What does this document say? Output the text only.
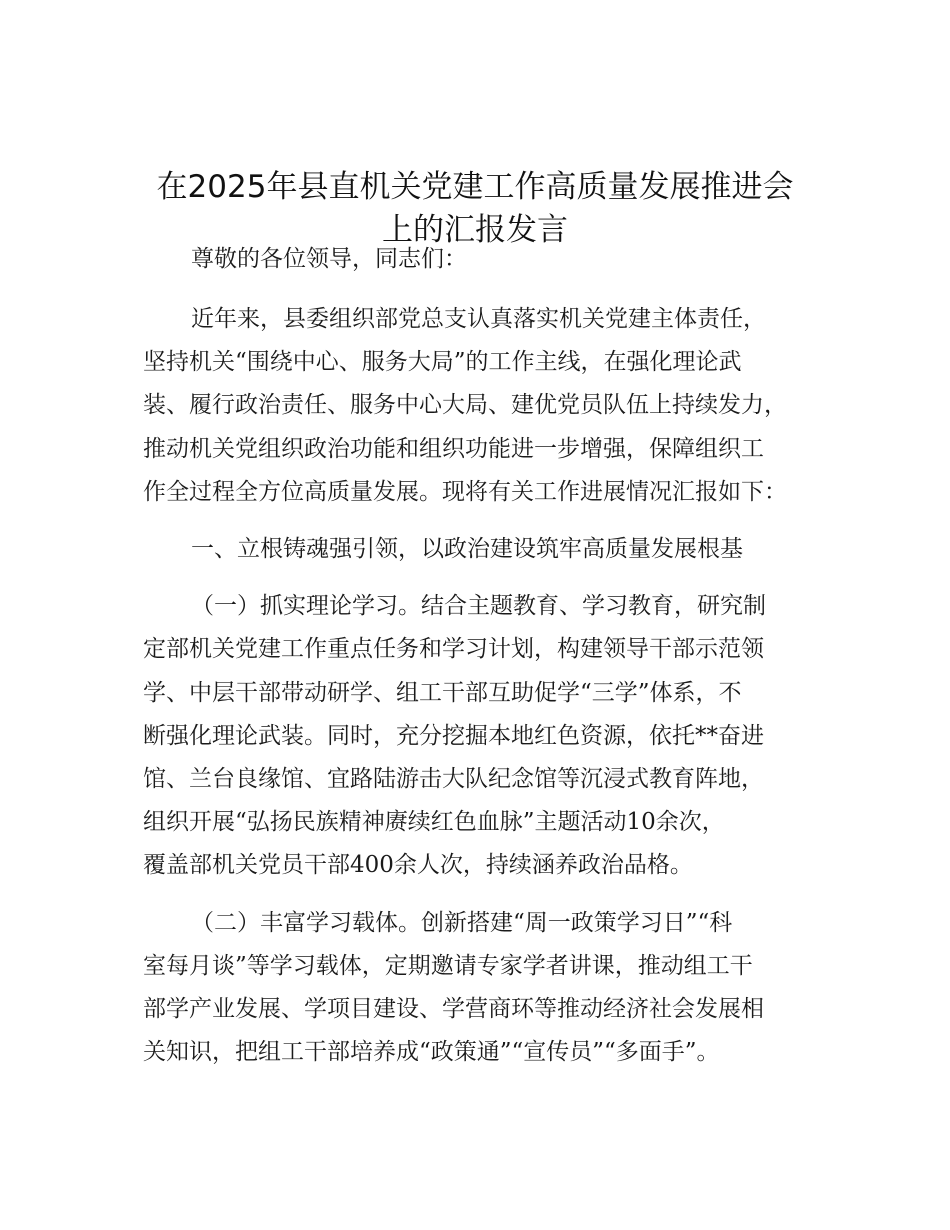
在2025年县直机关党建工作高质量发展推进会
上的汇报发言

尊敬的各位领导，同志们：

近年来，县委组织部党总支认真落实机关党建主体责任，
坚持机关“围绕中心、服务大局”的工作主线，在强化理论武
装、履行政治责任、服务中心大局、建优党员队伍上持续发力，
推动机关党组织政治功能和组织功能进一步增强，保障组织工
作全过程全方位高质量发展。现将有关工作进展情况汇报如下：

一、立根铸魂强引领，以政治建设筑牢高质量发展根基

（一）抓实理论学习。结合主题教育、学习教育，研究制
定部机关党建工作重点任务和学习计划，构建领导干部示范领
学、中层干部带动研学、组工干部互助促学“三学”体系，不
断强化理论武装。同时，充分挖掘本地红色资源，依托**奋进
馆、兰台良缘馆、宜路陆游击大队纪念馆等沉浸式教育阵地，
组织开展“弘扬民族精神赓续红色血脉”主题活动10余次，
覆盖部机关党员干部400余人次，持续涵养政治品格。

（二）丰富学习载体。创新搭建“周一政策学习日”“科
室每月谈”等学习载体，定期邀请专家学者讲课，推动组工干
部学产业发展、学项目建设、学营商环等推动经济社会发展相
关知识，把组工干部培养成“政策通”“宣传员”“多面手”。
